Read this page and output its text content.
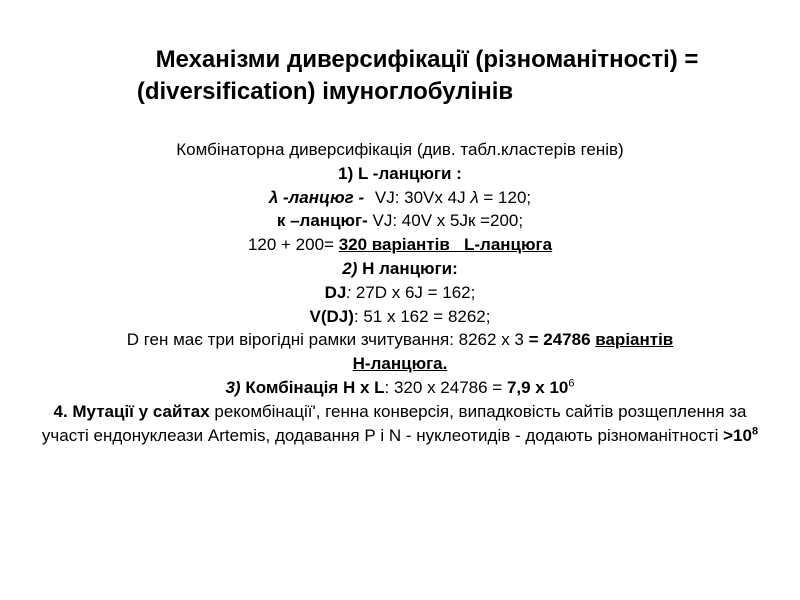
Механізми диверсифікації (різноманітності) =
(diversification) імуноглобулінів

Комбінаторна диверсифікація (див. табл.кластерів генів)

1) L -ланцюги :

λ -ланцюг - VJ: 30Vx 4J λ = 120;

к –ланцюг- VJ: 40V x 5Jк =200;

120 + 200= 320 варіантів   L-ланцюга

2) Н ланцюги:

DJ: 27D x 6J = 162;

V(DJ): 51 x 162 = 8262;

D ген має три вірогідні рамки зчитування: 8262 x 3 = 24786 варіантів
Н-ланцюга.

3) Комбінація Н x L: 320 x 24786 = 7,9 x $10^6$

4. Мутації у сайтах рекомбінації', генна конверсія, випадковість сайтів розщеплення за участі ендонуклеази Artemis, додавання Р і N - нуклеотидів - додають різноманітності $>10^8$
